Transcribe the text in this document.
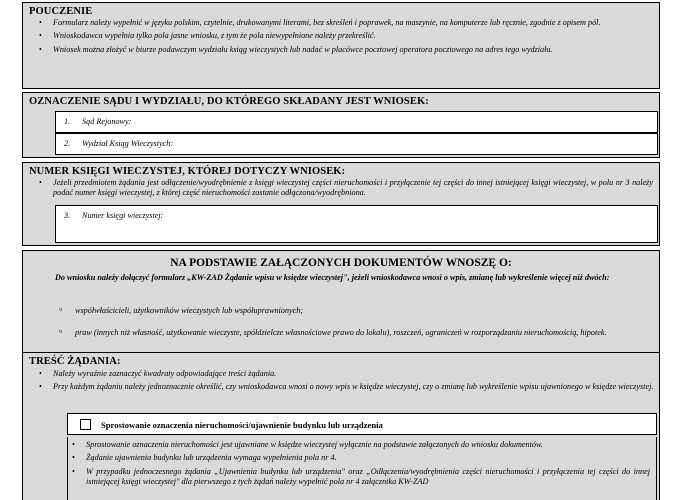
POUCZENIE
• Formularz należy wypełnić w języku polskim, czytelnie, drukowanymi literami, bez skreśleń i poprawek, na maszynie, na komputerze lub ręcznie, zgodnie z opisem pól.
• Wnioskodawca wypełnia tylko pola jasne wniosku, z tym że pola niewypełnione należy przekreślić.
• Wniosek można złożyć w biurze podawczym wydziału ksiąg wieczystych lub nadać w placówce pocztowej operatora pocztowego na adres tego wydziału.
OZNACZENIE SĄDU I WYDZIAŁU, DO KTÓREGO SKŁADANY JEST WNIOSEK:
1. Sąd Rejonowy:
2. Wydział Ksiąg Wieczystych:
NUMER KSIĘGI WIECZYSTEJ, KTÓREJ DOTYCZY WNIOSEK:
• Jeżeli przedmiotem żądania jest odłączenie/wyodrębnienie z księgi wieczystej części nieruchomości i przyłączenie tej części do innej istniejącej księgi wieczystej, w polu nr 3 należy podać numer księgi wieczystej, z której część nieruchomości zostanie odłączona/wyodrębniona.
3. Numer księgi wieczystej:
NA PODSTAWIE ZAŁĄCZONYCH DOKUMENTÓW WNOSZĘ O:
Do wniosku należy dołączyć formularz „KW-ZAD Żądanie wpisu w księdze wieczystej", jeżeli wnioskodawca wnosi o wpis, zmianę lub wykreślenie więcej niż dwóch:
▫ współwłaścicieli, użytkowników wieczystych lub współuprawnionych;
▫ praw (innych niż własność, użytkowanie wieczyste, spółdzielcze własnościowe prawo do lokalu), roszczeń, ograniczeń w rozporządzaniu nieruchomością, hipotek.
TREŚĆ ŻĄDANIA:
• Należy wyraźnie zaznaczyć kwadraty odpowiadające treści żądania.
• Przy każdym żądaniu należy jednoznacznie określić, czy wnioskodawca wnosi o nowy wpis w księdze wieczystej, czy o zmianę lub wykreślenie wpisu ujawnionego w księdze wieczystej.
Sprostowanie oznaczenia nieruchomości/ujawnienie budynku lub urządzenia
• Sprostowanie oznaczenia nieruchomości jest ujawniane w księdze wieczystej wyłącznie na podstawie załączonych do wniosku dokumentów.
• Żądanie ujawnienia budynku lub urządzenia wymaga wypełnienia pola nr 4.
• W przypadku jednoczesnego żądania „Ujawnienia budynku lub urządzenia" oraz „Odłączenia/wyodrębnienia części nieruchomości i przyłączenia tej części do innej istniejącej księgi wieczystej" dla pierwszego z tych żądań należy wypełnić pola nr 4 załącznika KW-ZAD
